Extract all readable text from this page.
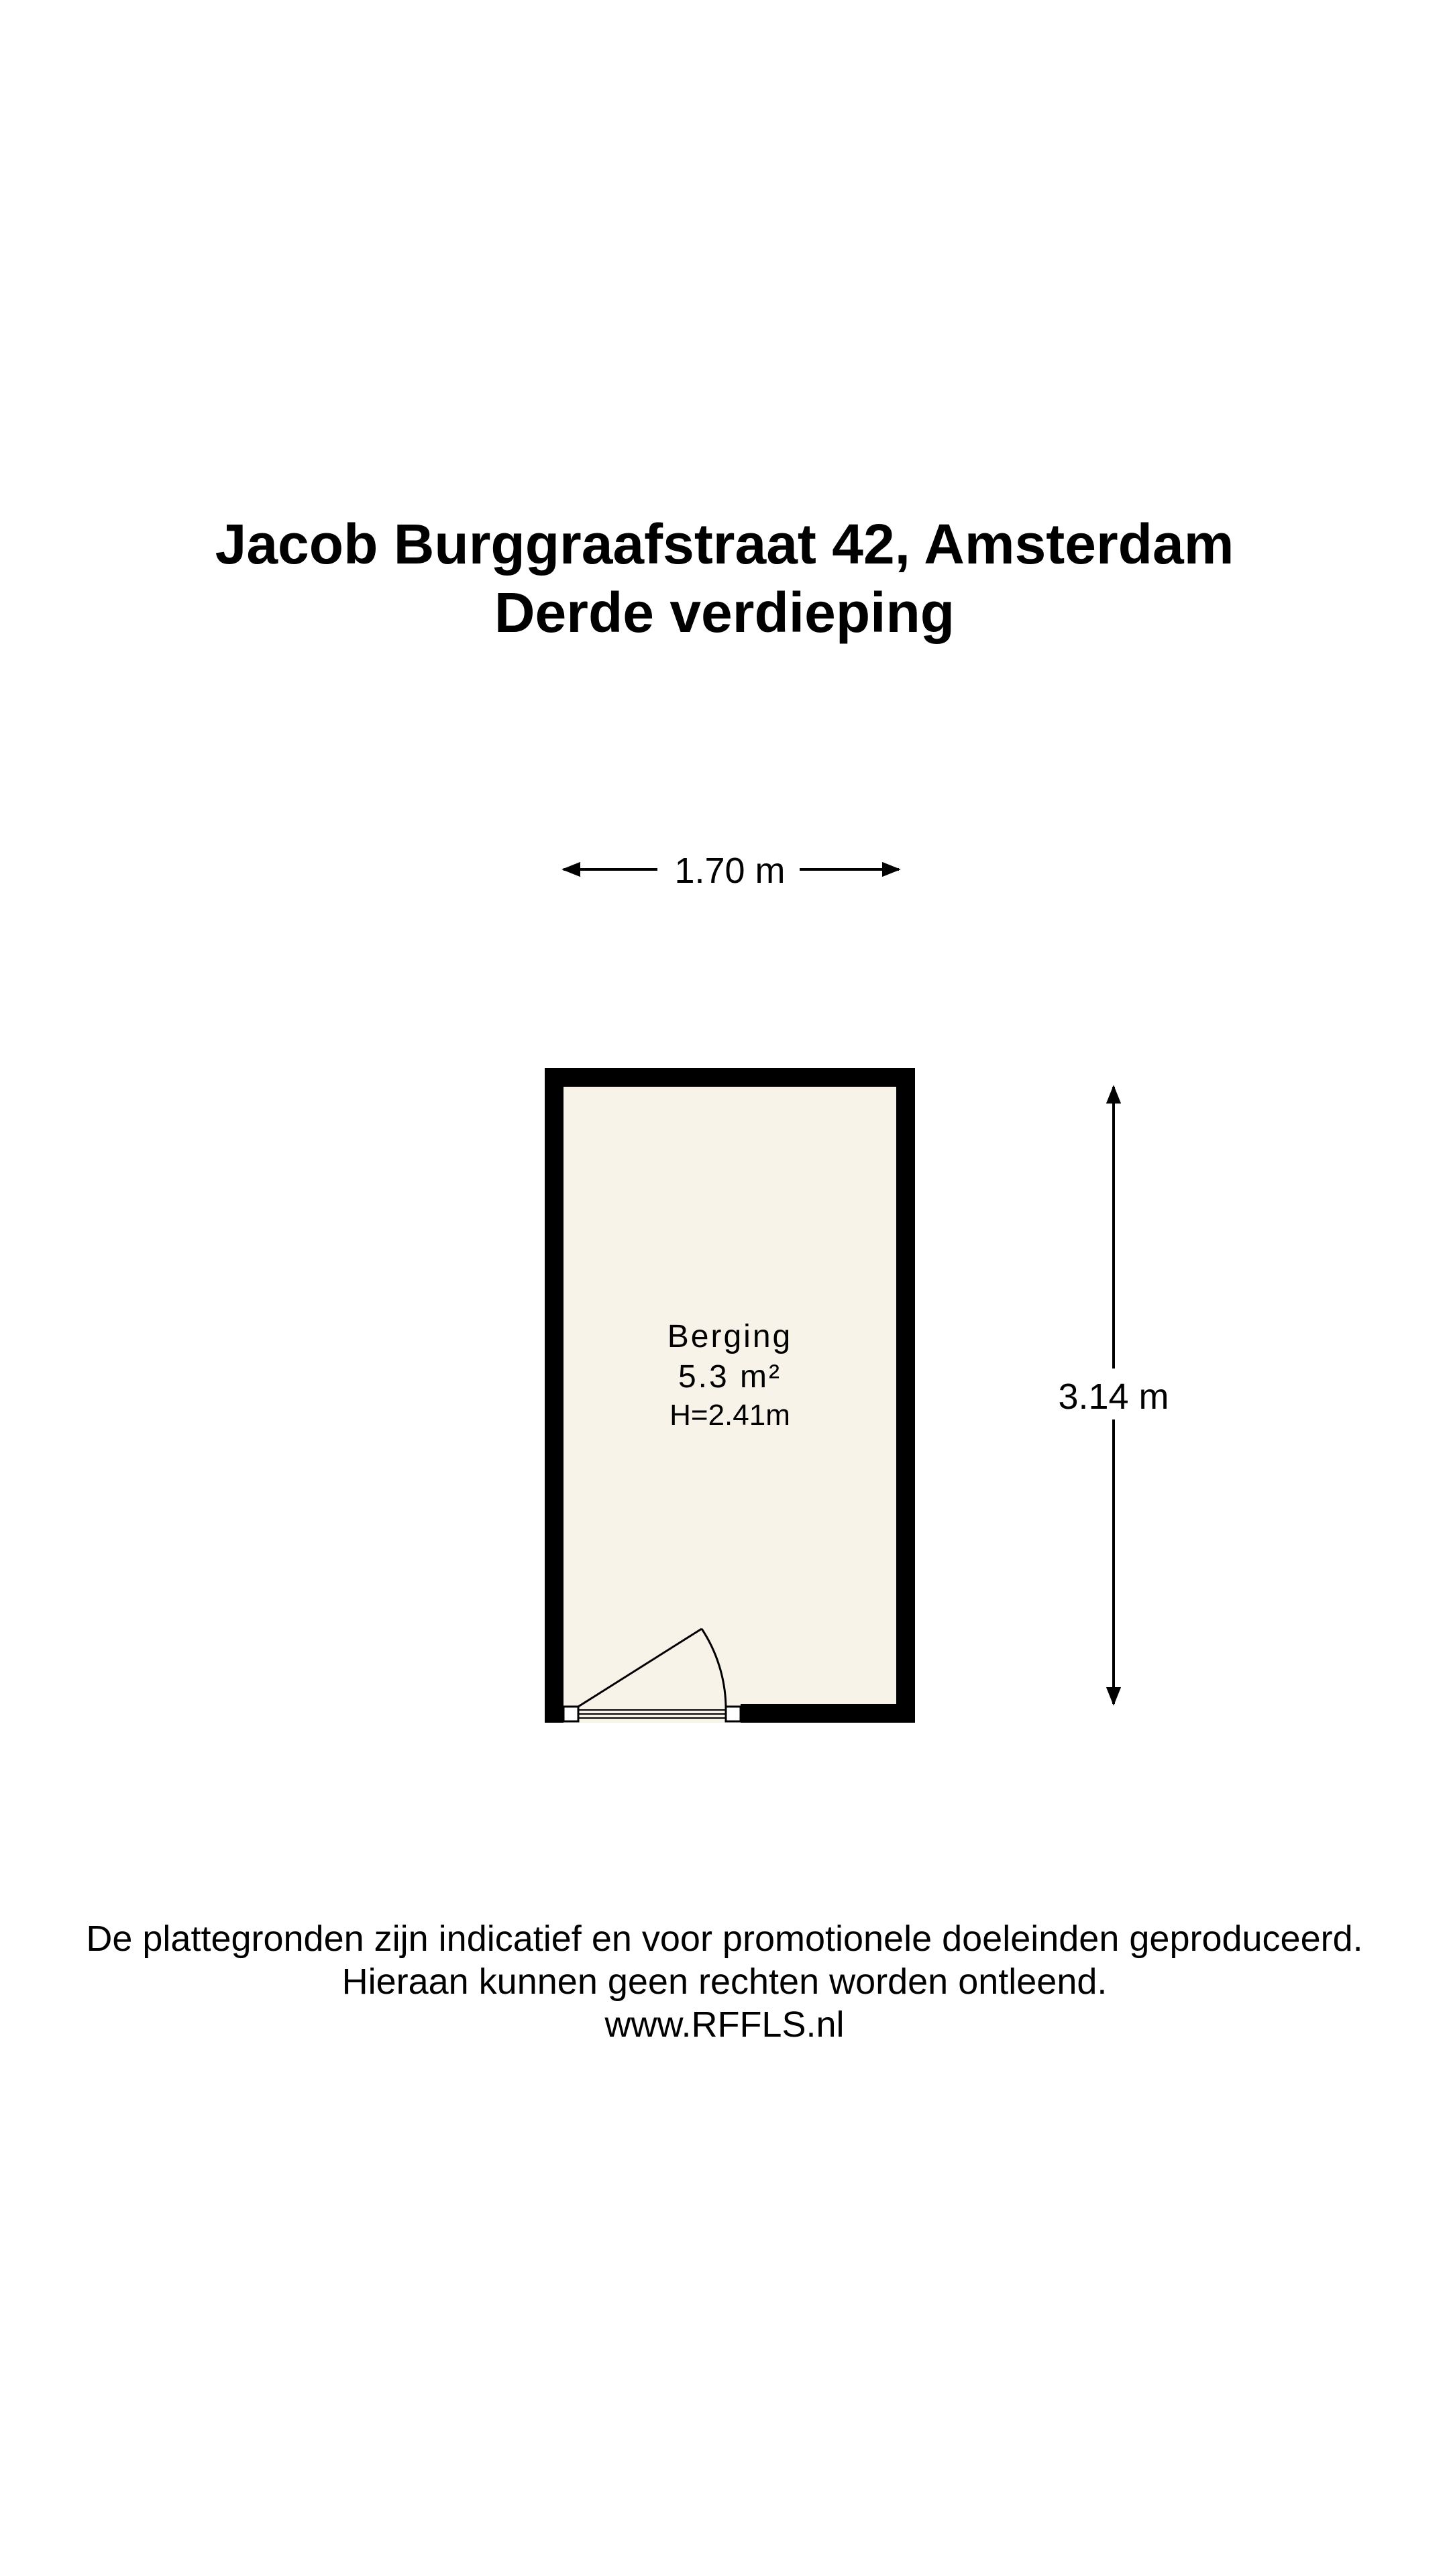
Jacob Burggraafstraat 42, Amsterdam
Derde verdieping
1.70 m
3.14 m
Berging
5.3 m²
H=2.41m
De plattegronden zijn indicatief en voor promotionele doeleinden geproduceerd.
Hieraan kunnen geen rechten worden ontleend.
www.RFFLS.nl
